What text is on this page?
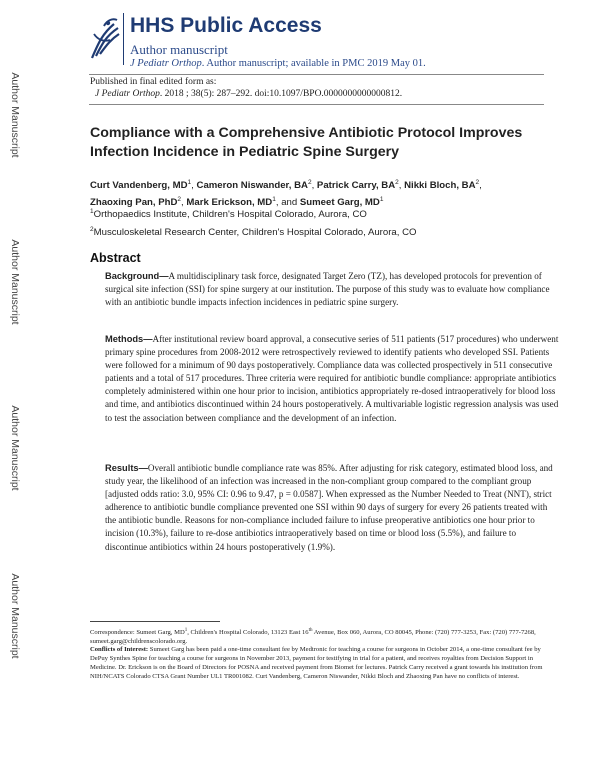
Author Manuscript
Author Manuscript
Author Manuscript
Author Manuscript
HHS Public Access
Author manuscript
J Pediatr Orthop. Author manuscript; available in PMC 2019 May 01.
Published in final edited form as:
J Pediatr Orthop. 2018 ; 38(5): 287–292. doi:10.1097/BPO.0000000000000812.
Compliance with a Comprehensive Antibiotic Protocol Improves Infection Incidence in Pediatric Spine Surgery
Curt Vandenberg, $MD^1$, Cameron Niswander, $BA^2$, Patrick Carry, $BA^2$, Nikki Bloch, $BA^2$,
Zhaoxing Pan, PhD$^2$, Mark Erickson, $MD^1$, and Sumeet Garg, $MD^1$
$^1$Orthopaedics Institute, Children's Hospital Colorado, Aurora, CO
$^2$Musculoskeletal Research Center, Children's Hospital Colorado, Aurora, CO
Abstract
Background—A multidisciplinary task force, designated Target Zero (TZ), has developed protocols for prevention of surgical site infection (SSI) for spine surgery at our institution. The purpose of this study was to evaluate how compliance with an antibiotic bundle impacts infection incidences in pediatric spine surgery.
Methods—After institutional review board approval, a consecutive series of 511 patients (517 procedures) who underwent primary spine procedures from 2008-2012 were retrospectively reviewed to identify patients who developed SSI. Patients were followed for a minimum of 90 days postoperatively. Compliance data was collected prospectively in 511 consecutive patients and a total of 517 procedures. Three criteria were required for antibiotic bundle compliance: appropriate antibiotics completely administered within one hour prior to incision, antibiotics appropriately re-dosed intraoperatively for blood loss and time, and antibiotics discontinued within 24 hours postoperatively. A multivariable logistic regression analysis was used to test the association between compliance and the development of an infection.
Results—Overall antibiotic bundle compliance rate was 85%. After adjusting for risk category, estimated blood loss, and study year, the likelihood of an infection was increased in the non-compliant group compared to the compliant group [adjusted odds ratio: 3.0, 95% CI: 0.96 to 9.47, p = 0.0587]. When expressed as the Number Needed to Treat (NNT), strict adherence to antibiotic bundle compliance prevented one SSI within 90 days of surgery for every 26 patients treated with the antibiotic bundle. Reasons for non-compliance included failure to infuse preoperative antibiotics one hour prior to incision (10.3%), failure to re-dose antibiotics intraoperatively based on time or blood loss (5.5%), and failure to discontinue antibiotics within 24 hours postoperatively (1.9%).
Correspondence: Sumeet Garg, $MD^1$, Children's Hospital Colorado, 13123 East 16th Avenue, Box 060, Aurora, CO 80045, Phone: (720) 777-3253, Fax: (720) 777-7268, sumeet.garg@childrenscolorado.org.
Conflicts of Interest: Sumeet Garg has been paid a one-time consultant fee by Medtronic for teaching a course for surgeons in October 2014, a one-time consultant fee by DePuy Synthes Spine for teaching a course for surgeons in November 2013, payment for testifying in trial for a patient, and receives royalties from Decision Support in Medicine. Dr. Erickson is on the Board of Directors for POSNA and received payment from Biomet for lectures. Patrick Carry received a grant towards his institution from NIH/NCATS Colorado CTSA Grant Number UL1 TR001082. Curt Vandenberg, Cameron Niswander, Nikki Bloch and Zhaoxing Pan have no conflicts of interest.
